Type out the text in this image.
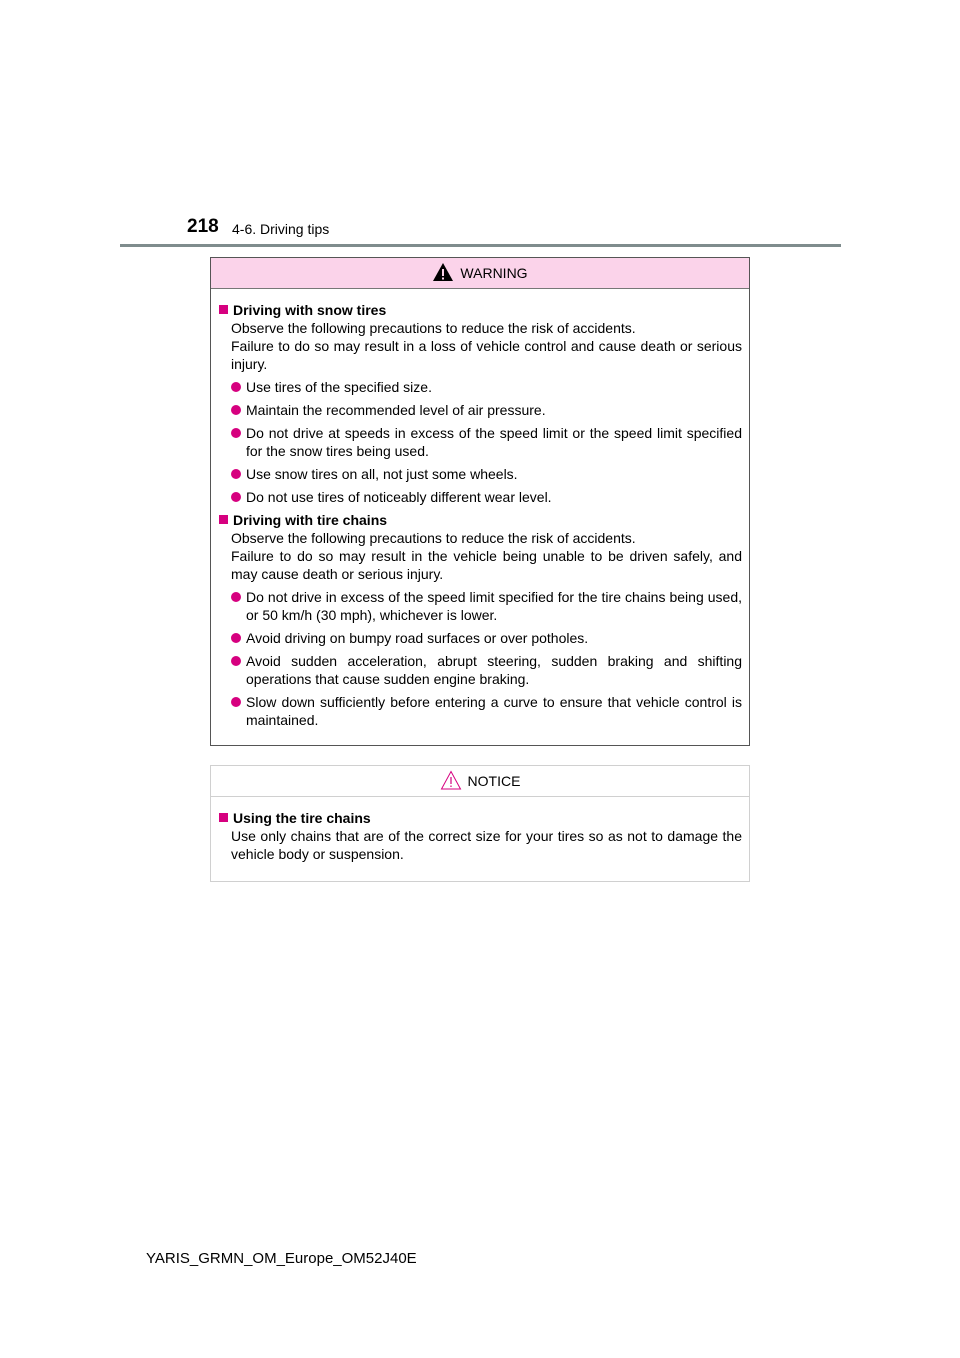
218 4-6. Driving tips
WARNING
Driving with snow tires
Observe the following precautions to reduce the risk of accidents.
Failure to do so may result in a loss of vehicle control and cause death or serious injury.
Use tires of the specified size.
Maintain the recommended level of air pressure.
Do not drive at speeds in excess of the speed limit or the speed limit specified for the snow tires being used.
Use snow tires on all, not just some wheels.
Do not use tires of noticeably different wear level.
Driving with tire chains
Observe the following precautions to reduce the risk of accidents.
Failure to do so may result in the vehicle being unable to be driven safely, and may cause death or serious injury.
Do not drive in excess of the speed limit specified for the tire chains being used, or 50 km/h (30 mph), whichever is lower.
Avoid driving on bumpy road surfaces or over potholes.
Avoid sudden acceleration, abrupt steering, sudden braking and shifting operations that cause sudden engine braking.
Slow down sufficiently before entering a curve to ensure that vehicle control is maintained.
NOTICE
Using the tire chains
Use only chains that are of the correct size for your tires so as not to damage the vehicle body or suspension.
YARIS_GRMN_OM_Europe_OM52J40E
